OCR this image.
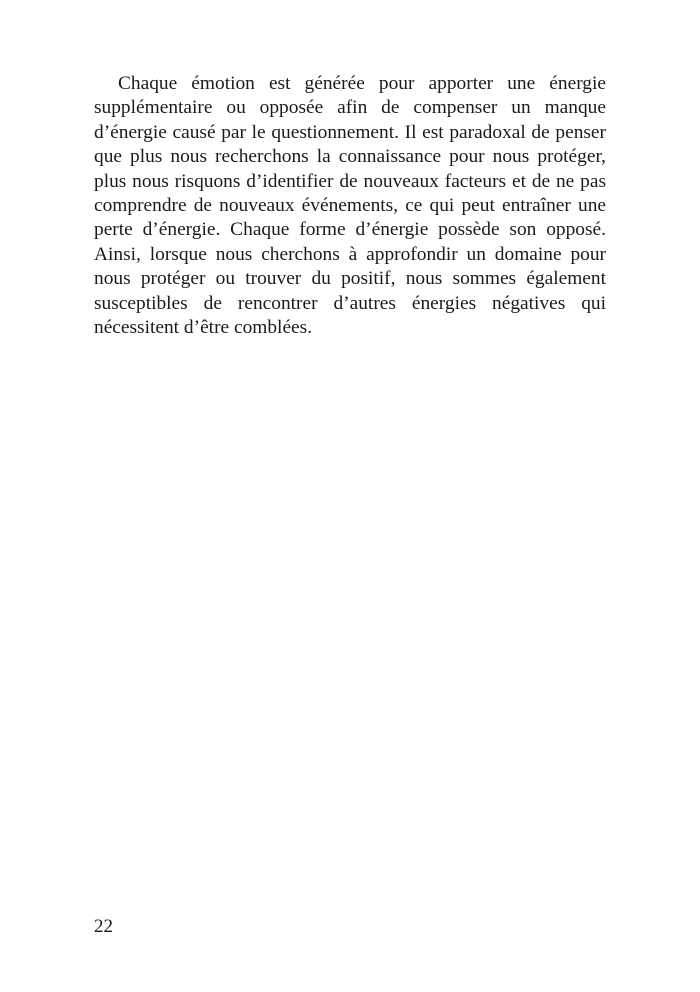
Chaque émotion est générée pour apporter une énergie supplémentaire ou opposée afin de compenser un manque d’énergie causé par le questionnement. Il est paradoxal de penser que plus nous recherchons la connaissance pour nous protéger, plus nous risquons d’identifier de nouveaux facteurs et de ne pas comprendre de nouveaux événements, ce qui peut entraîner une perte d’énergie. Chaque forme d’énergie possède son opposé. Ainsi, lorsque nous cherchons à approfondir un domaine pour nous protéger ou trouver du positif, nous sommes également susceptibles de rencontrer d’autres énergies négatives qui nécessitent d’être comblées.

22
